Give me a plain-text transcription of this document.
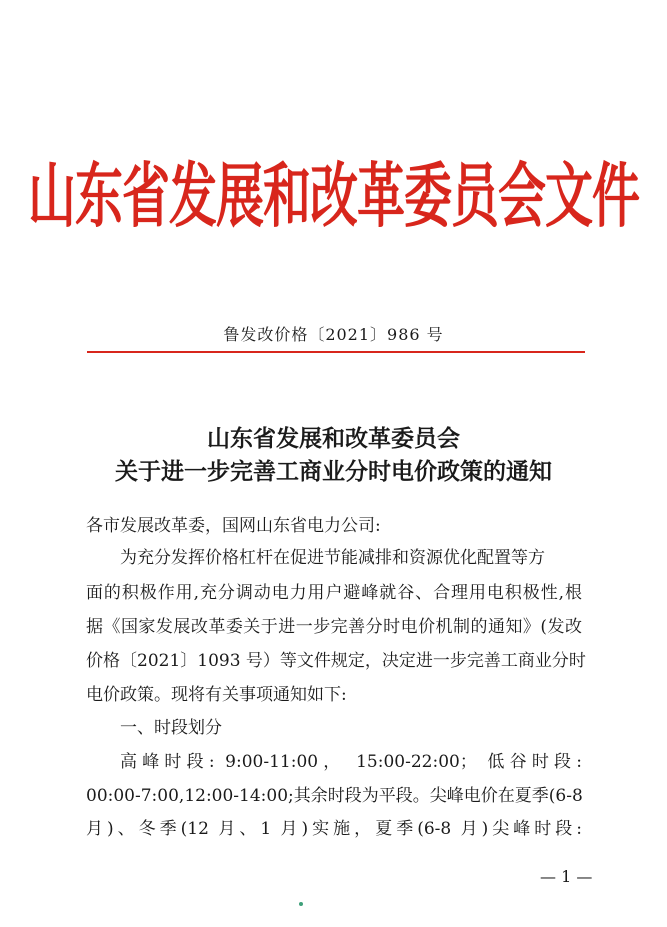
山东省发展和改革委员会文件
鲁发改价格〔2021〕986 号
山东省发展和改革委员会
关于进一步完善工商业分时电价政策的通知
各市发展改革委，国网山东省电力公司:
为充分发挥价格杠杆在促进节能减排和资源优化配置等方
面的积极作用,充分调动电力用户避峰就谷、合理用电积极性,根
据《国家发展改革委关于进一步完善分时电价机制的通知》(发改
价格〔2021〕1093 号）等文件规定，决定进一步完善工商业分时
电价政策。现将有关事项通知如下:
一、时段划分
高峰时段: 9:00-11:00， 15:00-22:00； 低谷时段:
00:00-7:00,12:00-14:00;其余时段为平段。尖峰电价在夏季(6-8
月)、冬季(12 月、1 月)实施，夏季(6-8 月)尖峰时段:
— 1 —
